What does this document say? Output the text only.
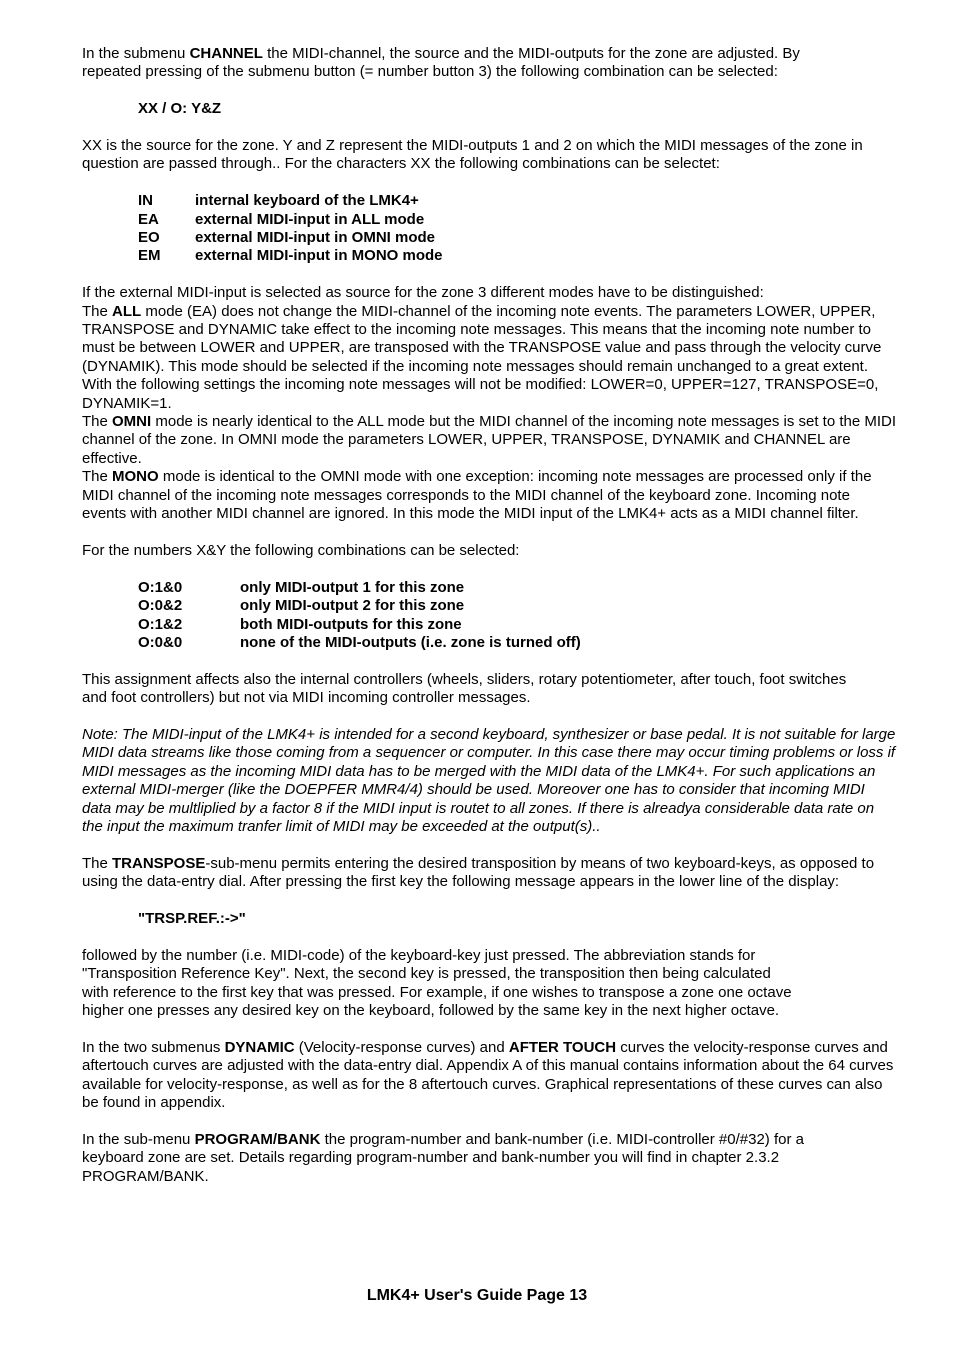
In the submenu CHANNEL the MIDI-channel, the source and the MIDI-outputs for the zone are adjusted. By repeated pressing of the submenu button (= number button 3) the following combination can be selected:

XX / O: Y&Z

XX is the source for the zone. Y and Z represent the MIDI-outputs 1 and 2 on which the MIDI messages of the zone in question are passed through.. For the characters XX the following combinations can be selectet:

IN	internal keyboard of the LMK4+
EA	external MIDI-input in ALL mode
EO	external MIDI-input in OMNI mode
EM	external MIDI-input in MONO mode

If the external MIDI-input is selected as source for the zone 3 different modes have to be distinguished:

The ALL mode (EA) does not change the MIDI-channel of the incoming note events. The parameters LOWER, UPPER, TRANSPOSE and DYNAMIC take effect to the incoming note messages. This means that the incoming note number to must be between LOWER and UPPER, are transposed with the TRANSPOSE value and pass through the velocity curve (DYNAMIK). This mode should be selected if the incoming note messages should remain unchanged to a great extent. With the following settings the incoming note messages will not be modified: LOWER=0, UPPER=127, TRANSPOSE=0, DYNAMIK=1.

The OMNI mode is nearly identical to the ALL mode but the MIDI channel of the incoming note messages is set to the MIDI channel of the zone. In OMNI mode the parameters LOWER, UPPER, TRANSPOSE, DYNAMIK and CHANNEL are effective.

The MONO mode is identical to the OMNI mode with one exception: incoming note messages are processed only if the MIDI channel of the incoming note messages corresponds to the MIDI channel of the keyboard zone. Incoming note events with another MIDI channel are ignored. In this mode the MIDI input of the LMK4+ acts as a MIDI channel filter.

For the numbers X&Y the following combinations can be selected:

O:1&0	only MIDI-output 1 for this zone
O:0&2	only MIDI-output 2 for this zone
O:1&2	both MIDI-outputs for this zone
O:0&0	none of the MIDI-outputs (i.e. zone is turned off)

This assignment affects also the internal controllers (wheels, sliders, rotary potentiometer, after touch, foot switches and foot controllers) but not via MIDI incoming controller messages.

Note: The MIDI-input of the LMK4+ is intended for a second keyboard, synthesizer or base pedal. It is not suitable for large MIDI data streams like those coming from a sequencer or computer. In this case there may occur timing problems or loss if MIDI messages as the incoming MIDI data has to be merged with the MIDI data of the LMK4+. For such applications an external MIDI-merger (like the DOEPFER MMR4/4) should be used. Moreover one has to consider that incoming MIDI data may be multliplied by a factor 8 if the MIDI input is routet to all zones. If there is alreadya considerable data rate on the input the maximum tranfer limit of MIDI may be exceeded at the output(s)..

The TRANSPOSE-sub-menu permits entering the desired transposition by means of two keyboard-keys, as opposed to using the data-entry dial. After pressing the first key the following message appears in the lower line of the display:

"TRSP.REF.:->"

followed by the number (i.e. MIDI-code) of the keyboard-key just pressed. The abbreviation stands for "Transposition Reference Key". Next, the second key is pressed, the transposition then being calculated with reference to the first key that was pressed. For example, if one wishes to transpose a zone one octave higher one presses any desired key on the keyboard, followed by the same key in the next higher octave.

In the two submenus DYNAMIC (Velocity-response curves) and AFTER TOUCH curves the velocity-response curves and aftertouch curves are adjusted with the data-entry dial. Appendix A of this manual contains information about the 64 curves available for velocity-response, as well as for the 8 aftertouch curves. Graphical representations of these curves can also be found in appendix.

In the sub-menu PROGRAM/BANK the program-number and bank-number (i.e. MIDI-controller #0/#32) for a keyboard zone are set. Details regarding program-number and bank-number you will find in chapter 2.3.2 PROGRAM/BANK.

LMK4+ User's Guide Page 13
